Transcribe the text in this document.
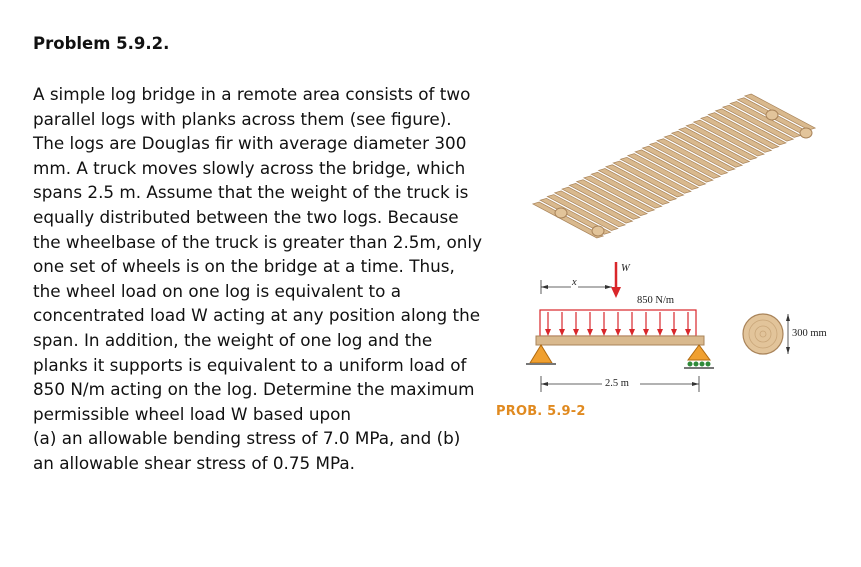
Problem 5.9.2.
A simple log bridge in a remote area consists of two
parallel logs with planks across them (see figure).
The logs are Douglas fir with average diameter 300
mm. A truck moves slowly across the bridge, which
spans 2.5 m. Assume that the weight of the truck is
equally distributed between the two logs. Because
the wheelbase of the truck is greater than 2.5m, only
one set of wheels is on the bridge at a time. Thus,
the wheel load on one log is equivalent to a
concentrated load W acting at any position along the
span. In addition, the weight of one log and the
planks it supports is equivalent to a uniform load of
850 N/m acting on the log. Determine the maximum
permissible wheel load W based upon
(a) an allowable bending stress of 7.0 MPa, and (b)
an allowable shear stress of 0.75 MPa.
W
x
850 N/m
2.5 m
300 mm
PROB. 5.9-2
